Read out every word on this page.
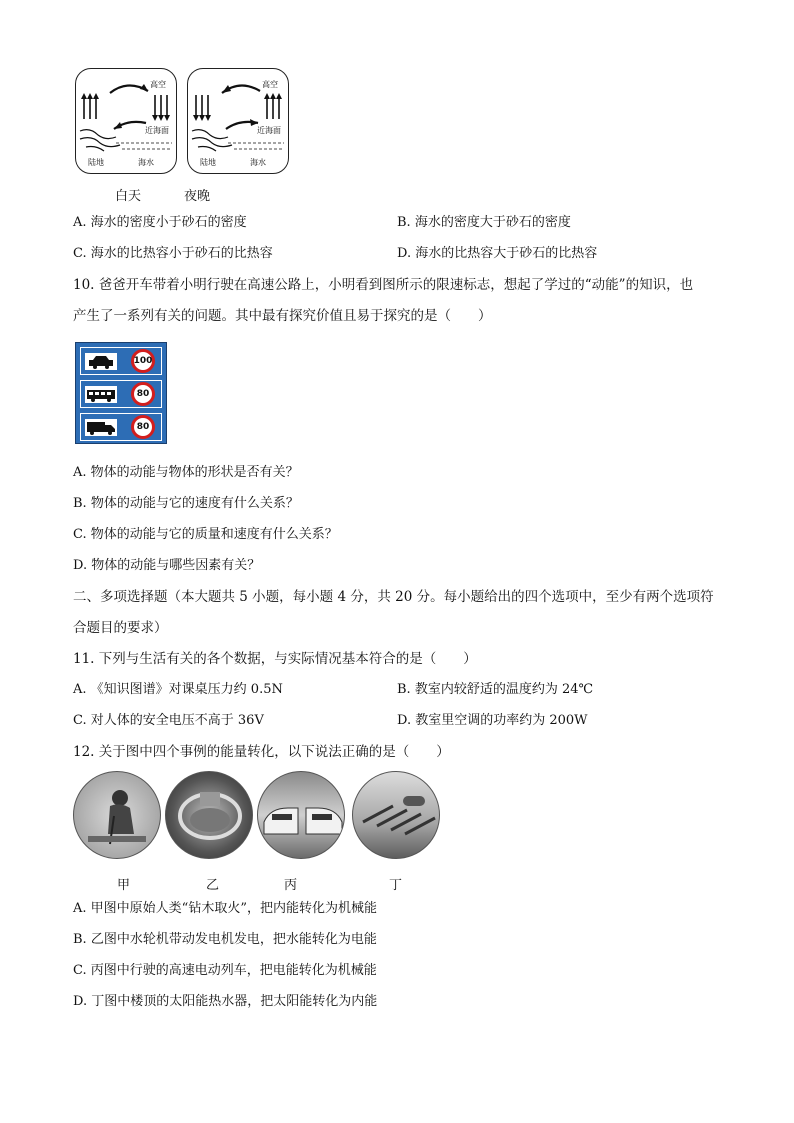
高空
近海面
陆地	海水
高空
近海面
陆地	海水
白天	夜晚
A. 海水的密度小于砂石的密度	B. 海水的密度大于砂石的密度
C. 海水的比热容小于砂石的比热容	D. 海水的比热容大于砂石的比热容
10. 爸爸开车带着小明行驶在高速公路上，小明看到图所示的限速标志，想起了学过的“动能”的知识，也
产生了一系列有关的问题。其中最有探究价值且易于探究的是（　　）
100
80
80
A. 物体的动能与物体的形状是否有关？
B. 物体的动能与它的速度有什么关系？
C. 物体的动能与它的质量和速度有什么关系？
D. 物体的动能与哪些因素有关？
二、多项选择题（本大题共 5 小题，每小题 4 分，共 20 分。每小题给出的四个选项中，至少有两个选项符
合题目的要求）
11. 下列与生活有关的各个数据，与实际情况基本符合的是（　　）
A. 《知识图谱》对课桌压力约 0.5N	B. 教室内较舒适的温度约为 24℃
C. 对人体的安全电压不高于 36V	D. 教室里空调的功率约为 200W
12. 关于图中四个事例的能量转化，以下说法正确的是（　　）
甲	乙	丙	丁
A. 甲图中原始人类“钻木取火”，把内能转化为机械能
B. 乙图中水轮机带动发电机发电，把水能转化为电能
C. 丙图中行驶的高速电动列车，把电能转化为机械能
D. 丁图中楼顶的太阳能热水器，把太阳能转化为内能
